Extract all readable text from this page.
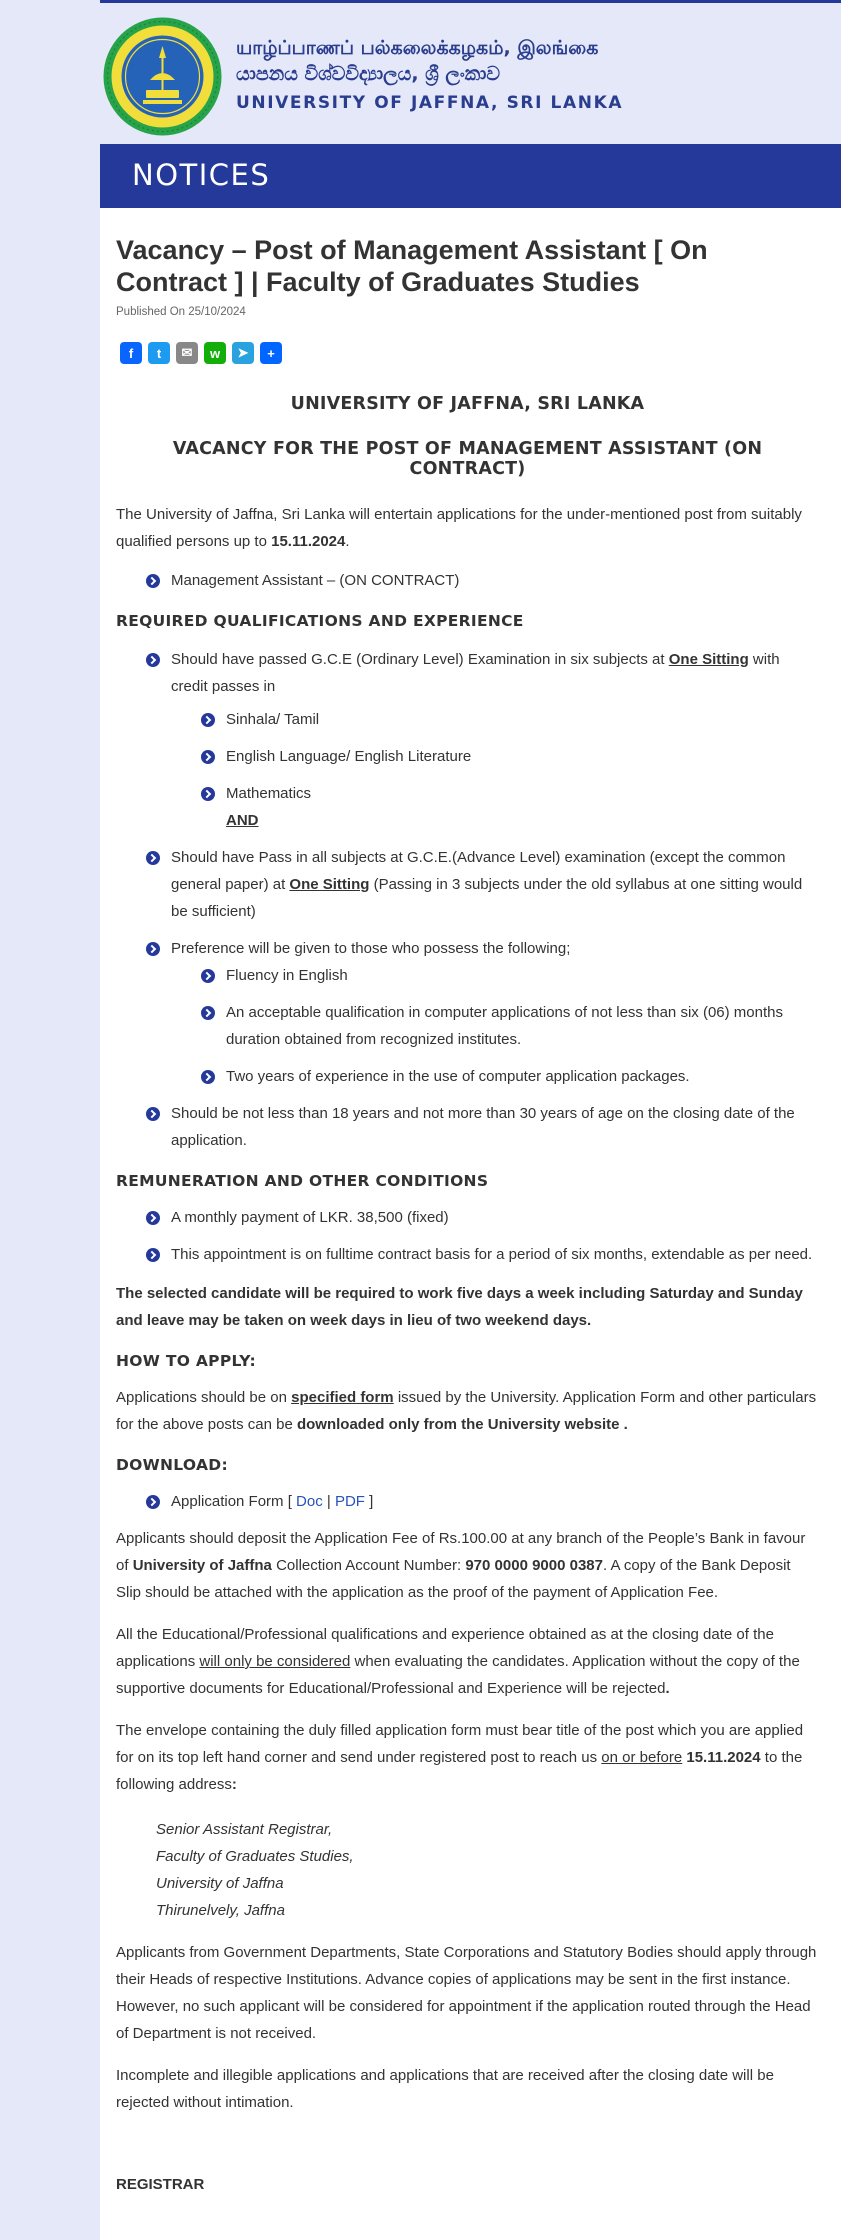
யாழ்ப்பாணப் பல்கலைக்கழகம், இலங்கை
යාපනය විශ්වවිද්‍යාලය, ශ්‍රී ලංකාව
UNIVERSITY OF JAFFNA, SRI LANKA
NOTICES
Vacancy – Post of Management Assistant [ On Contract ] | Faculty of Graduates Studies
Published On 25/10/2024
f t ✉ w ➤ +
UNIVERSITY OF JAFFNA, SRI LANKA
VACANCY FOR THE POST OF MANAGEMENT ASSISTANT (ON CONTRACT)

The University of Jaffna, Sri Lanka will entertain applications for the under-mentioned post from suitably qualified persons up to 15.11.2024.

Management Assistant – (ON CONTRACT)
REQUIRED QUALIFICATIONS AND EXPERIENCE
Should have passed G.C.E (Ordinary Level) Examination in six subjects at One Sitting with credit passes in
Sinhala/ Tamil
English Language/ English Literature
Mathematics
AND
Should have Pass in all subjects at G.C.E.(Advance Level) examination (except the common general paper) at One Sitting (Passing in 3 subjects under the old syllabus at one sitting would be sufficient)
Preference will be given to those who possess the following;
Fluency in English
An acceptable qualification in computer applications of not less than six (06) months duration obtained from recognized institutes.
Two years of experience in the use of computer application packages.
Should be not less than 18 years and not more than 30 years of age on the closing date of the application.
REMUNERATION AND OTHER CONDITIONS
A monthly payment of LKR. 38,500 (fixed)
This appointment is on fulltime contract basis for a period of six months, extendable as per need.

The selected candidate will be required to work five days a week including Saturday and Sunday and leave may be taken on week days in lieu of two weekend days.

HOW TO APPLY:

Applications should be on specified form issued by the University. Application Form and other particulars for the above posts can be downloaded only from the University website .

DOWNLOAD:
Application Form [ Doc | PDF ]

Applicants should deposit the Application Fee of Rs.100.00 at any branch of the People’s Bank in favour of University of Jaffna Collection Account Number: 970 0000 9000 0387. A copy of the Bank Deposit Slip should be attached with the application as the proof of the payment of Application Fee.

All the Educational/Professional qualifications and experience obtained as at the closing date of the applications will only be considered when evaluating the candidates. Application without the copy of the supportive documents for Educational/Professional and Experience will be rejected.

The envelope containing the duly filled application form must bear title of the post which you are applied for on its top left hand corner and send under registered post to reach us on or before 15.11.2024 to the following address:

Senior Assistant Registrar,
Faculty of Graduates Studies,
University of Jaffna
Thirunelvely, Jaffna

Applicants from Government Departments, State Corporations and Statutory Bodies should apply through their Heads of respective Institutions. Advance copies of applications may be sent in the first instance. However, no such applicant will be considered for appointment if the application routed through the Head of Department is not received.

Incomplete and illegible applications and applications that are received after the closing date will be rejected without intimation.

REGISTRAR
